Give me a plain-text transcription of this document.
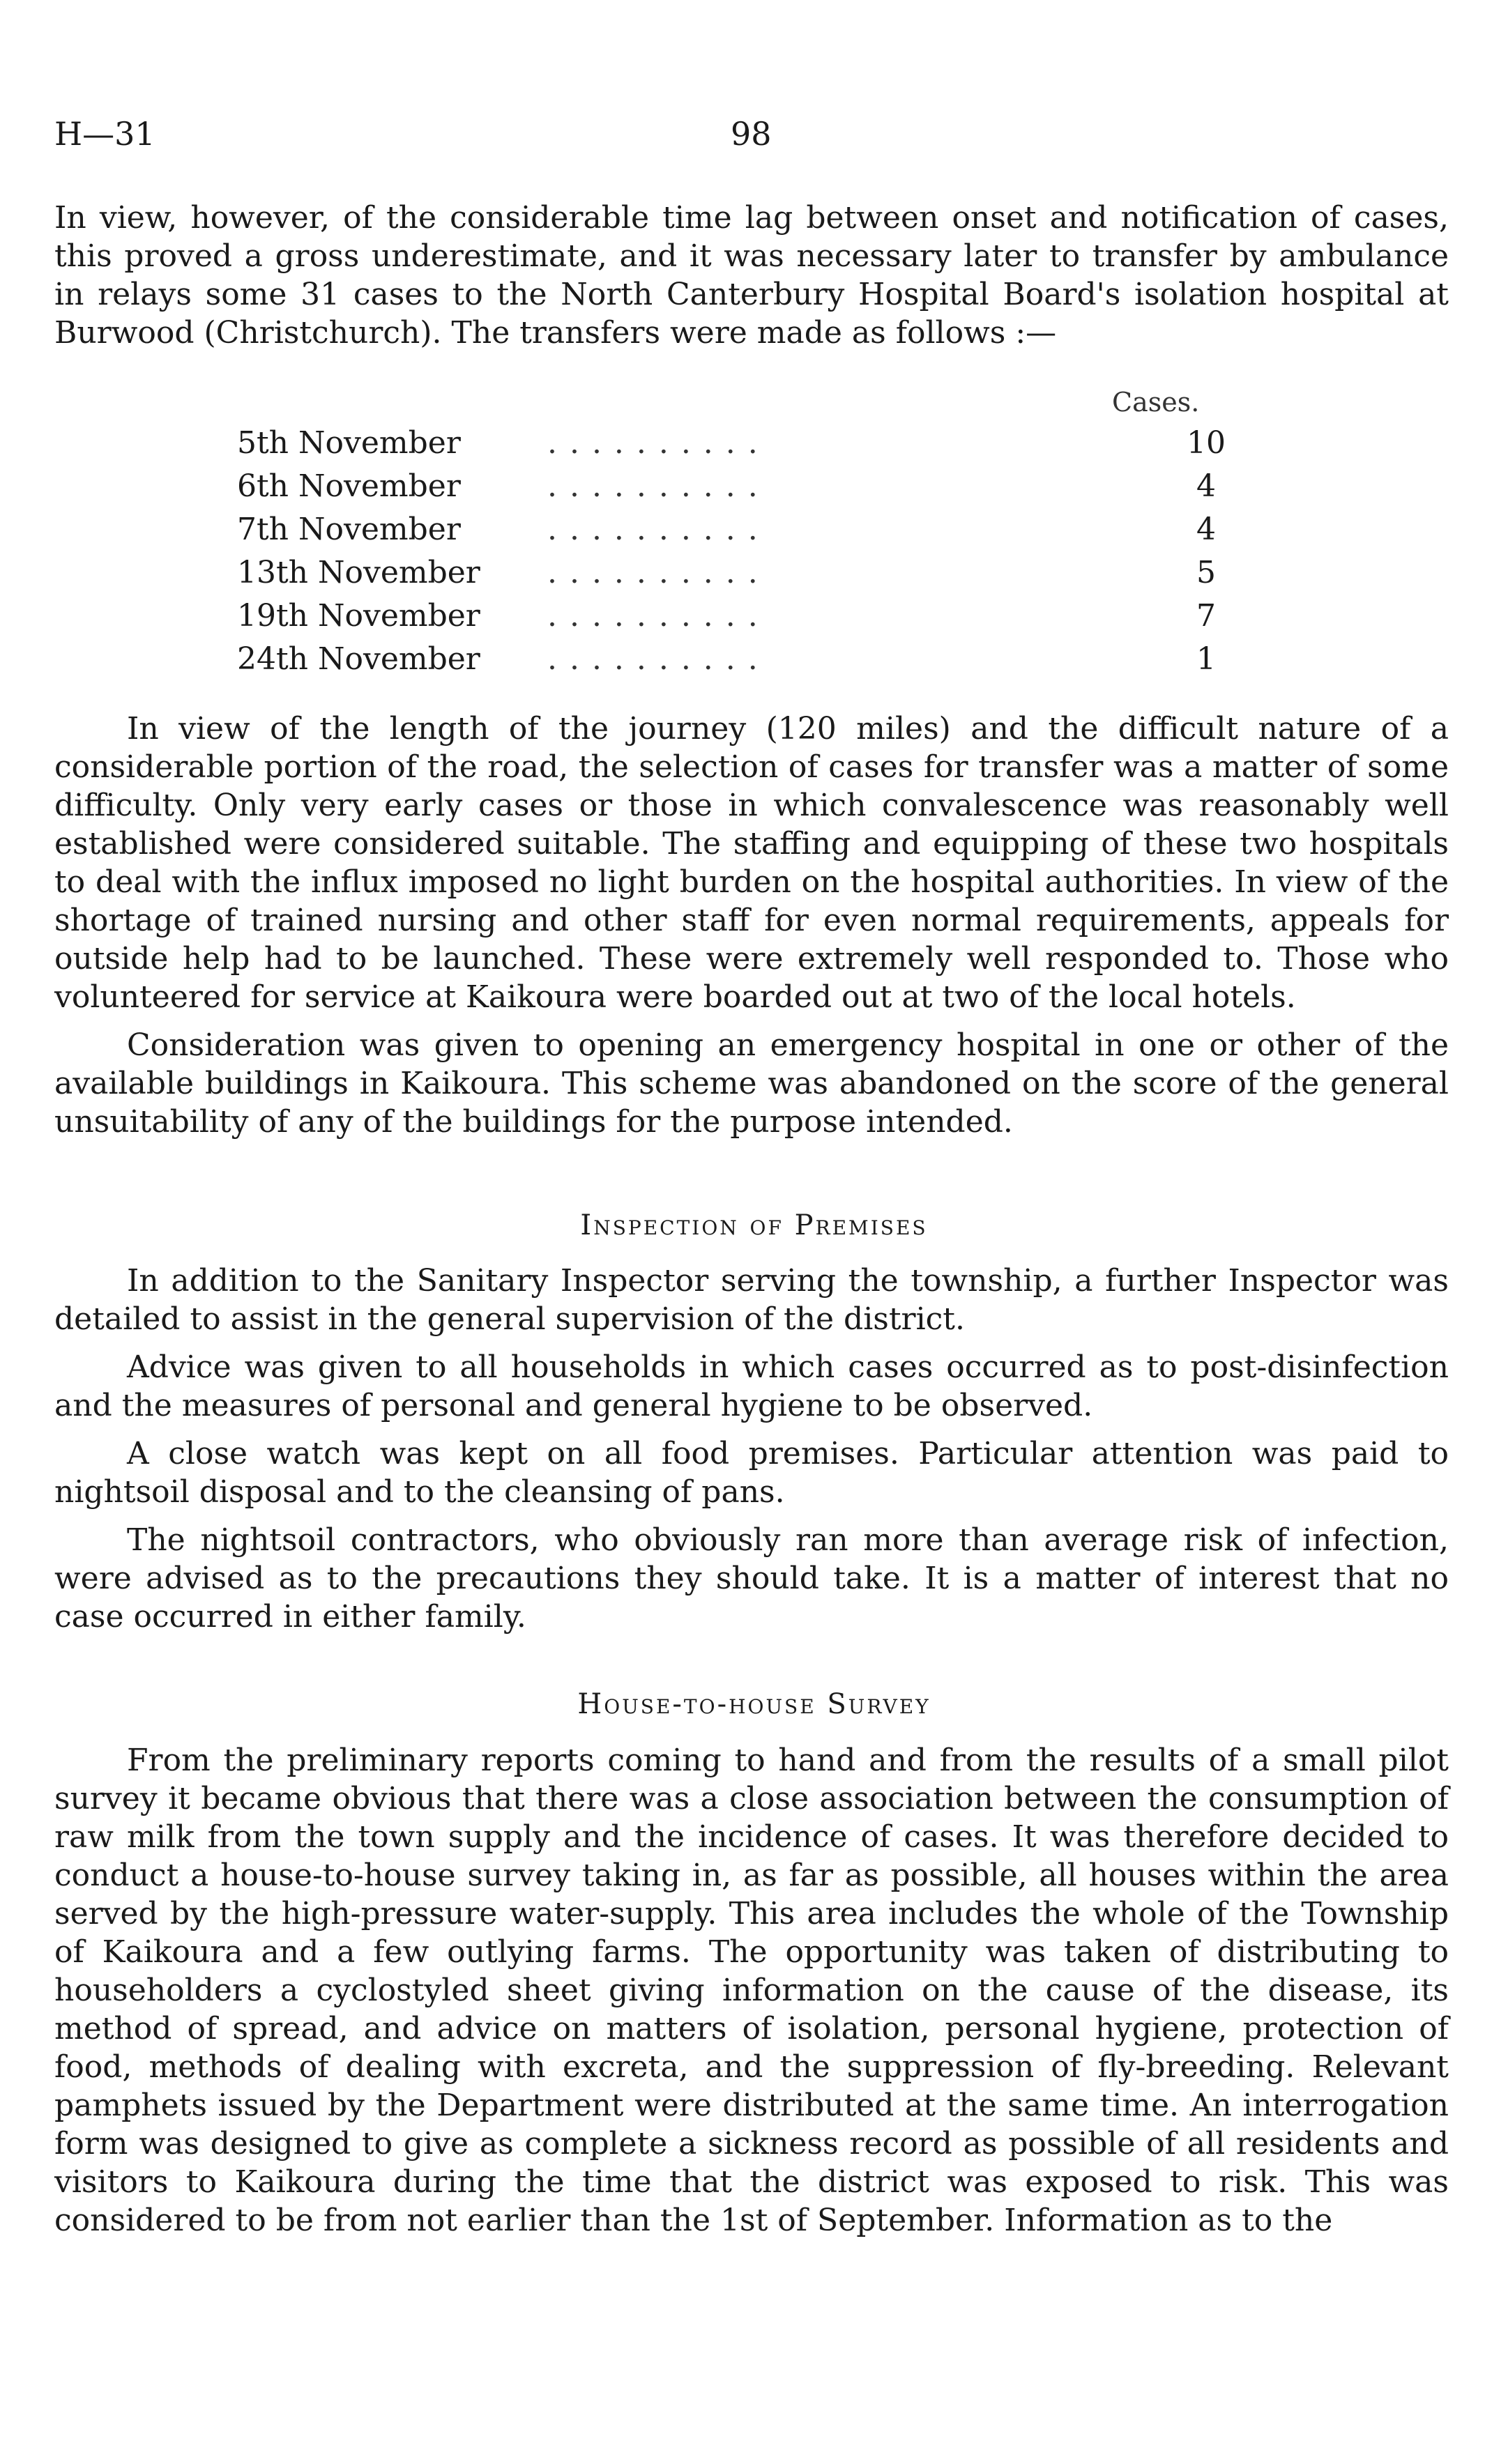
H—31	98

In view, however, of the considerable time lag between onset and notification of cases, this proved a gross underestimate, and it was necessary later to transfer by ambulance in relays some 31 cases to the North Canterbury Hospital Board's isolation hospital at Burwood (Christchurch). The transfers were made as follows :—

Cases.
5th November	. . . . . . . . . .	10
6th November	. . . . . . . . . .	4
7th November	. . . . . . . . . .	4
13th November	. . . . . . . . . .	5
19th November	. . . . . . . . . .	7
24th November	. . . . . . . . . .	1

In view of the length of the journey (120 miles) and the difficult nature of a considerable portion of the road, the selection of cases for transfer was a matter of some difficulty. Only very early cases or those in which convalescence was reasonably well established were considered suitable. The staffing and equipping of these two hospitals to deal with the influx imposed no light burden on the hospital authorities. In view of the shortage of trained nursing and other staff for even normal requirements, appeals for outside help had to be launched. These were extremely well responded to. Those who volunteered for service at Kaikoura were boarded out at two of the local hotels.

Consideration was given to opening an emergency hospital in one or other of the available buildings in Kaikoura. This scheme was abandoned on the score of the general unsuitability of any of the buildings for the purpose intended.

Inspection of Premises

In addition to the Sanitary Inspector serving the township, a further Inspector was detailed to assist in the general supervision of the district.

Advice was given to all households in which cases occurred as to post-disinfection and the measures of personal and general hygiene to be observed.

A close watch was kept on all food premises. Particular attention was paid to nightsoil disposal and to the cleansing of pans.

The nightsoil contractors, who obviously ran more than average risk of infection, were advised as to the precautions they should take. It is a matter of interest that no case occurred in either family.

House-to-house Survey

From the preliminary reports coming to hand and from the results of a small pilot survey it became obvious that there was a close association between the consumption of raw milk from the town supply and the incidence of cases. It was therefore decided to conduct a house-to-house survey taking in, as far as possible, all houses within the area served by the high-pressure water-supply. This area includes the whole of the Township of Kaikoura and a few outlying farms. The opportunity was taken of distributing to householders a cyclostyled sheet giving information on the cause of the disease, its method of spread, and advice on matters of isolation, personal hygiene, protection of food, methods of dealing with excreta, and the suppression of fly-breeding. Relevant pamphets issued by the Department were distributed at the same time. An interrogation form was designed to give as complete a sickness record as possible of all residents and visitors to Kaikoura during the time that the district was exposed to risk. This was considered to be from not earlier than the 1st of September. Information as to the
